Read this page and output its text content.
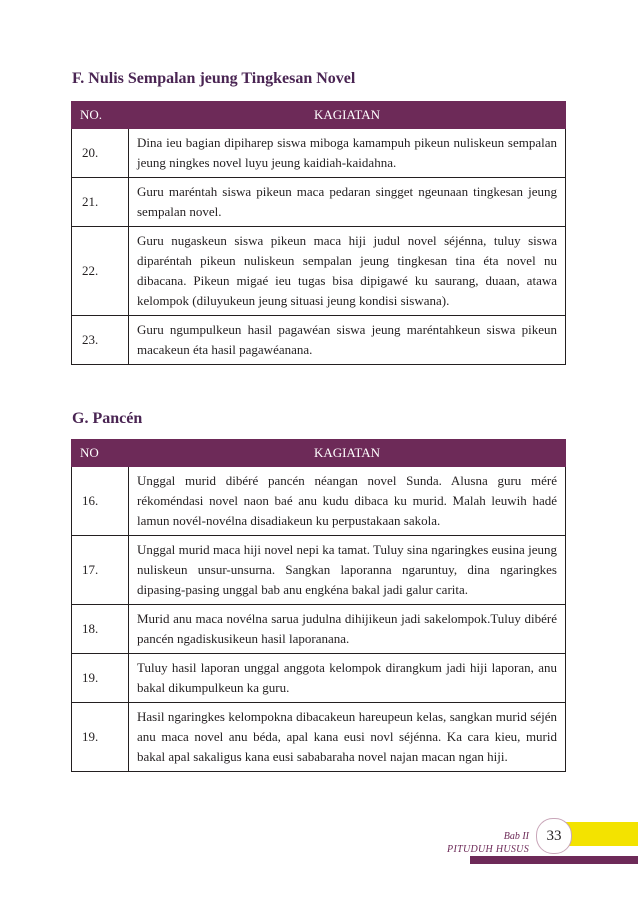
F. Nulis Sempalan jeung Tingkesan Novel
NO.	KAGIATAN
20.	Dina ieu bagian dipiharep siswa miboga kamampuh pikeun nuliskeun sempalan jeung ningkes novel luyu jeung kaidiah-kaidahna.
21.	Guru maréntah siswa pikeun maca pedaran singget ngeunaan tingkesan jeung sempalan novel.
22.	Guru nugaskeun siswa pikeun maca hiji judul novel séjénna, tuluy siswa diparéntah pikeun nuliskeun sempalan jeung tingkesan tina éta novel nu dibacana. Pikeun migaé ieu tugas bisa dipigawé ku saurang, duaan, atawa kelompok (diluyukeun jeung situasi jeung kondisi siswana).
23.	Guru ngumpulkeun hasil pagawéan siswa jeung maréntahkeun siswa pikeun macakeun éta hasil pagawéanana.
G. Pancén
NO	KAGIATAN
16.	Unggal murid dibéré pancén néangan novel Sunda. Alusna guru méré rékoméndasi novel naon baé anu kudu dibaca ku murid. Malah leuwih hadé lamun novél-novélna disadiakeun ku perpustakaan sakola.
17.	Unggal murid maca hiji novel nepi ka tamat. Tuluy sina ngaringkes eusina jeung nuliskeun unsur-unsurna. Sangkan laporanna ngaruntuy, dina ngaringkes dipasing-pasing unggal bab anu engkéna bakal jadi galur carita.
18.	Murid anu maca novélna sarua judulna dihijikeun jadi sakelompok.Tuluy dibéré pancén ngadiskusikeun hasil laporanana.
19.	Tuluy hasil laporan unggal anggota kelompok dirangkum jadi hiji laporan, anu bakal dikumpulkeun ka guru.
19.	Hasil ngaringkes kelompokna dibacakeun hareupeun kelas, sangkan murid séjén anu maca novel anu béda, apal kana eusi novl séjénna. Ka cara kieu, murid bakal apal sakaligus kana eusi sababaraha novel najan macan ngan hiji.
33
Bab II
PITUDUH HUSUS
